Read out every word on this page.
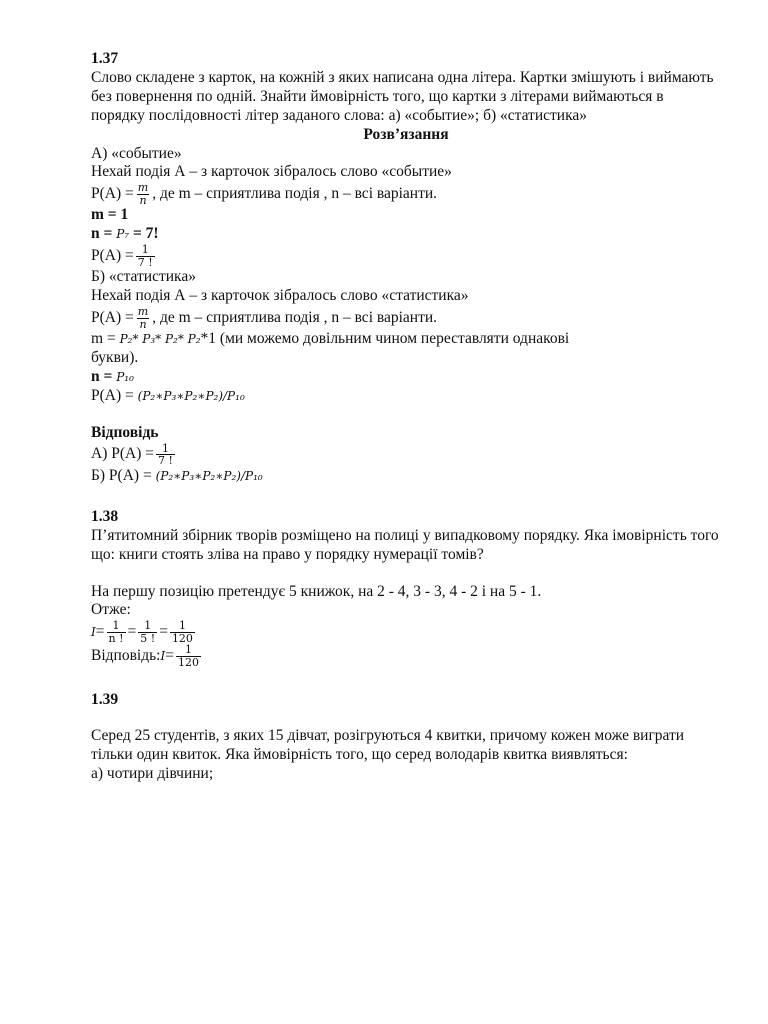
1.37
Слово складене з карток, на кожній з яких написана одна літера. Картки змішують і виймають без повернення по одній. Знайти ймовірність того, що картки з літерами виймаються в порядку послідовності літер заданого слова: а) «событие»; б) «статистика»
Розв’язання
А) «событие»
Нехай подія А – з карточок зібралось слово «событие»
$P(A) = \frac{m}{n}$ , де m – сприятлива подія , n – всі варіанти.
m = 1
n = P₇ = 7!
$P(A) = \frac{1}{7 !}$
Б) «статистика»
Нехай подія А – з карточок зібралось слово «статистика»
$P(A) = \frac{m}{n}$ , де m – сприятлива подія , n – всі варіанти.
m = P₂* P₃* P₂* P₂*1 (ми можемо довільним чином переставляти однакові
букви).
n = P₁₀
P(A) = (P₂∗P₃∗P₂∗P₂)/P₁₀
Відповідь
А) $P(A) = \frac{1}{7 !}$
Б) P(A) = (P₂∗P₃∗P₂∗P₂)/P₁₀
1.38
П’ятитомний збірник творів розміщено на полиці у випадковому порядку. Яка імовірність того що: книги стоять зліва на право у порядку нумерації томів?
На першу позицію претендує 5 книжок, на 2 - 4, 3 - 3, 4 - 2 і на 5 - 1.
Отже:
$I = \frac{1}{n !} = \frac{1}{5 !} = \frac{1}{120}$
Відповідь: $I = \frac{1}{120}$
1.39
Серед 25 студентів, з яких 15 дівчат, розігруються 4 квитки, причому кожен може виграти тільки один квиток. Яка ймовірність того, що серед володарів квитка виявляться:
а) чотири дівчини;
